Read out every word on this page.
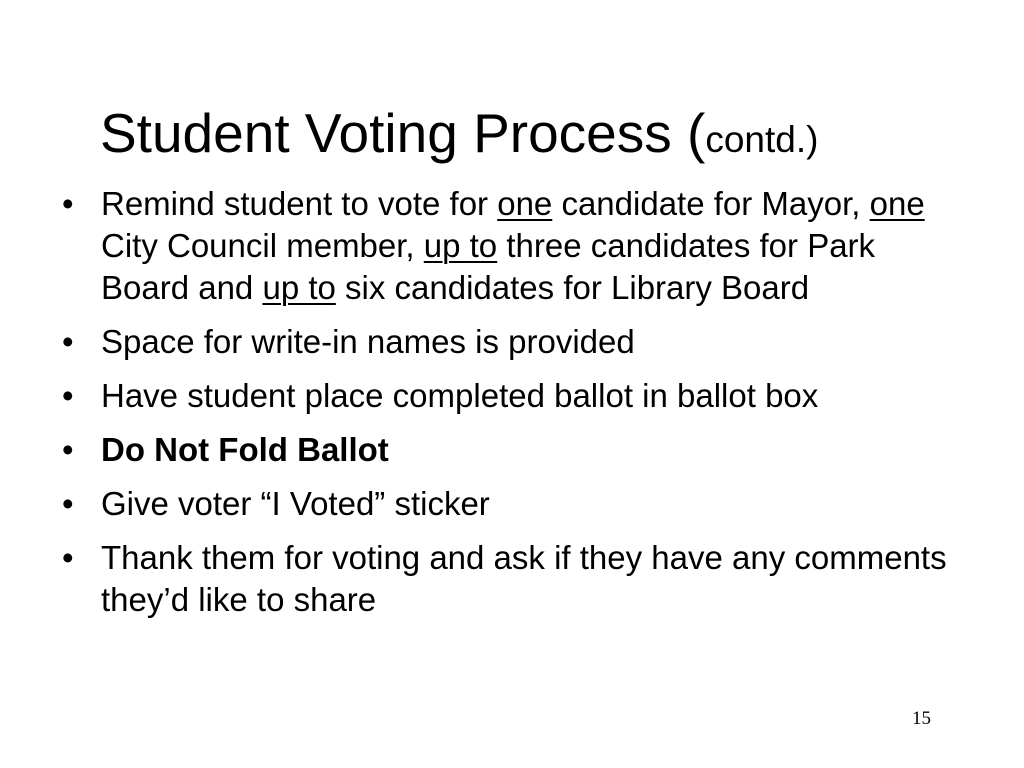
Student Voting Process (contd.)
• Remind student to vote for one candidate for Mayor, one City Council member, up to three candidates for Park Board and up to six candidates for Library Board
• Space for write-in names is provided
• Have student place completed ballot in ballot box
• Do Not Fold Ballot
• Give voter “I Voted” sticker
• Thank them for voting and ask if they have any comments they’d like to share
15
